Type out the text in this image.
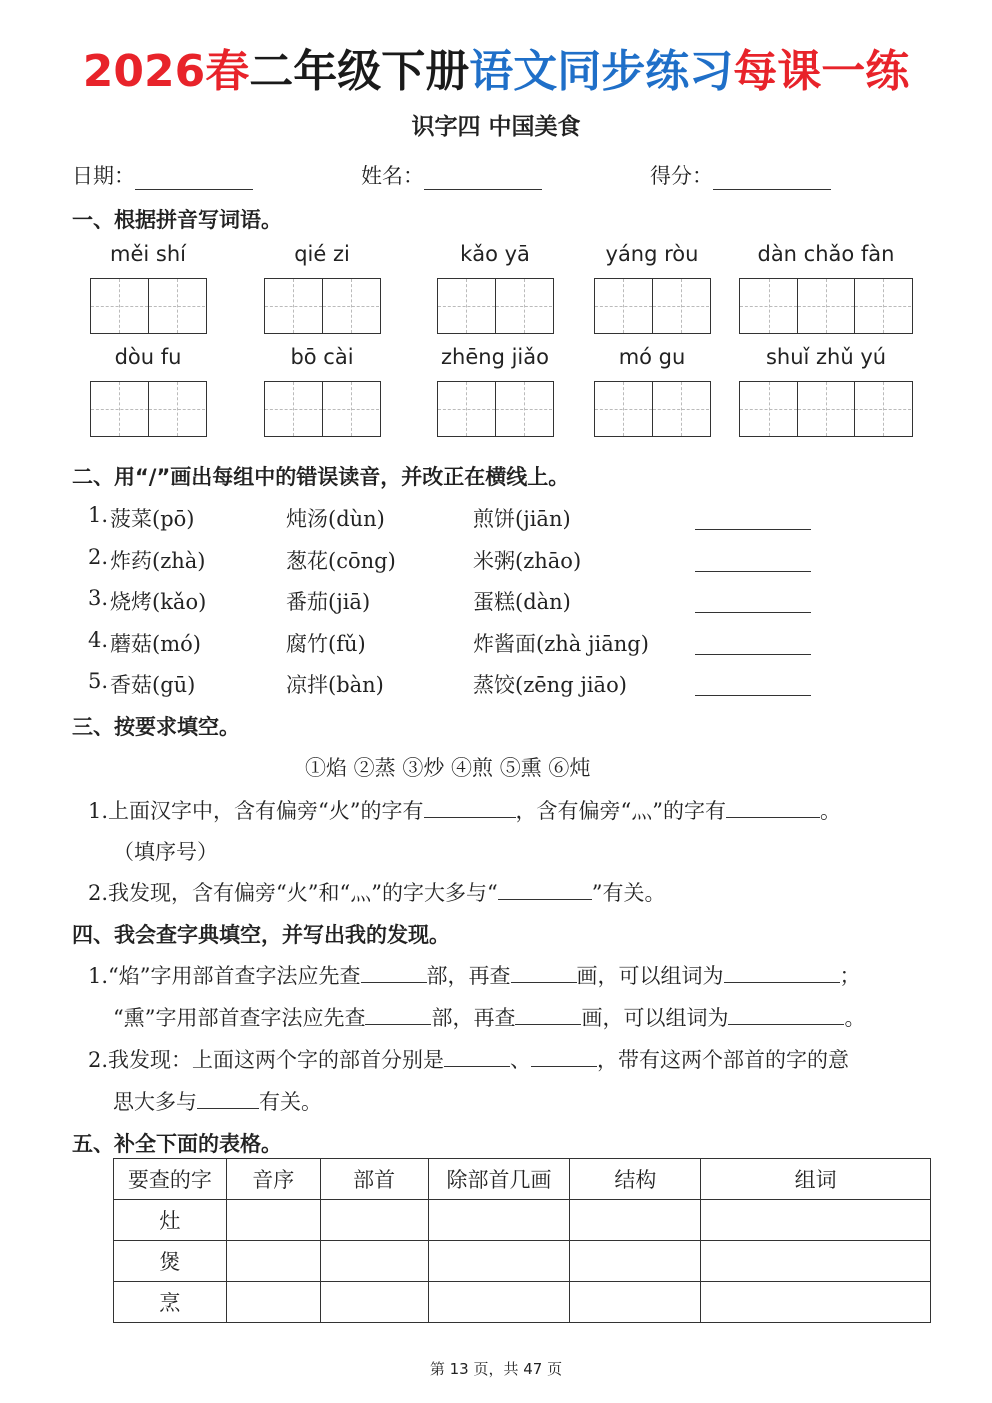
2026春二年级下册语文同步练习每课一练
识字四 中国美食
日期：	姓名：	得分：
一、根据拼音写词语。
měi shí	qié zi	kǎo yā	yáng ròu	dàn chǎo fàn
dòu fu	bō cài	zhēng jiǎo	mó gu	shuǐ zhǔ yú
二、用“/”画出每组中的错误读音，并改正在横线上。
1. 菠菜(pō)	炖汤(dùn)	煎饼(jiān)
2. 炸药(zhà)	葱花(cōng)	米粥(zhāo)
3. 烧烤(kǎo)	番茄(jiā)	蛋糕(dàn)
4. 蘑菇(mó)	腐竹(fǔ)	炸酱面(zhà jiāng)
5. 香菇(gū)	凉拌(bàn)	蒸饺(zēng jiāo)
三、按要求填空。
①焰 ②蒸 ③炒 ④煎 ⑤熏 ⑥炖
1.上面汉字中，含有偏旁“火”的字有	，含有偏旁“灬”的字有	。
（填序号）
2.我发现，含有偏旁“火”和“灬”的字大多与“	”有关。
四、我会查字典填空，并写出我的发现。
1.“焰”字用部首查字法应先查	部，再查	画，可以组词为	；
“熏”字用部首查字法应先查	部，再查	画，可以组词为	。
2.我发现：上面这两个字的部首分别是	、	，带有这两个部首的字的意
思大多与	有关。
五、补全下面的表格。
要查的字	音序	部首	除部首几画	结构	组词
灶					
煲					
烹					
第 13 页，共 47 页
